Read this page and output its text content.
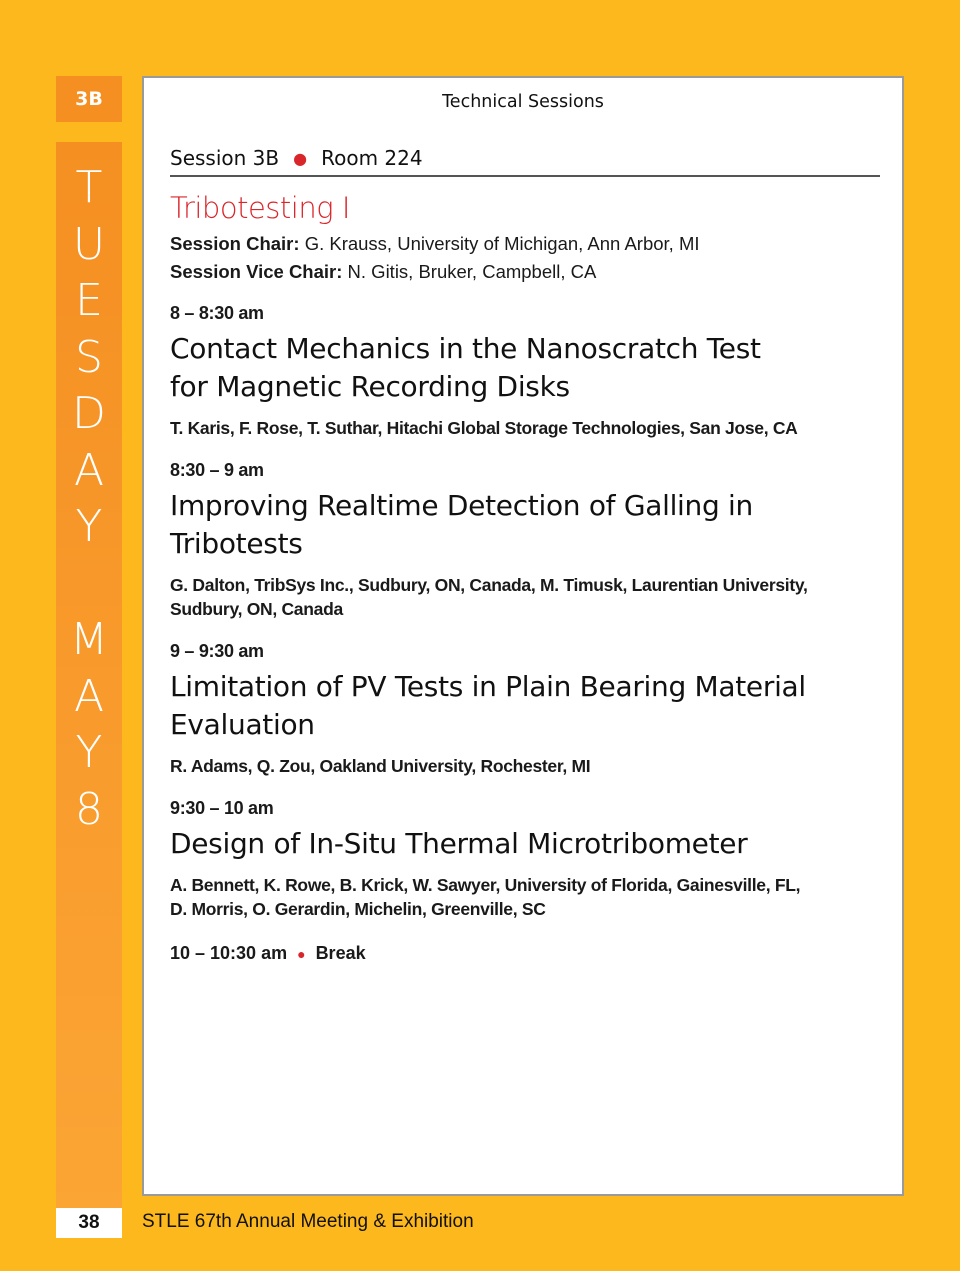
3B
T
U
E
S
D
A
Y
M
A
Y
8
38	STLE 67th Annual Meeting & Exhibition
Technical Sessions
Session 3B ● Room 224
Tribotesting I
Session Chair: G. Krauss, University of Michigan, Ann Arbor, MI
Session Vice Chair: N. Gitis, Bruker, Campbell, CA
8 – 8:30 am
Contact Mechanics in the Nanoscratch Test
for Magnetic Recording Disks
T. Karis, F. Rose, T. Suthar, Hitachi Global Storage Technologies, San Jose, CA
8:30 – 9 am
Improving Realtime Detection of Galling in
Tribotests
G. Dalton, TribSys Inc., Sudbury, ON, Canada, M. Timusk, Laurentian University,
Sudbury, ON, Canada
9 – 9:30 am
Limitation of PV Tests in Plain Bearing Material
Evaluation
R. Adams, Q. Zou, Oakland University, Rochester, MI
9:30 – 10 am
Design of In-Situ Thermal Microtribometer
A. Bennett, K. Rowe, B. Krick, W. Sawyer, University of Florida, Gainesville, FL,
D. Morris, O. Gerardin, Michelin, Greenville, SC
10 – 10:30 am ● Break
